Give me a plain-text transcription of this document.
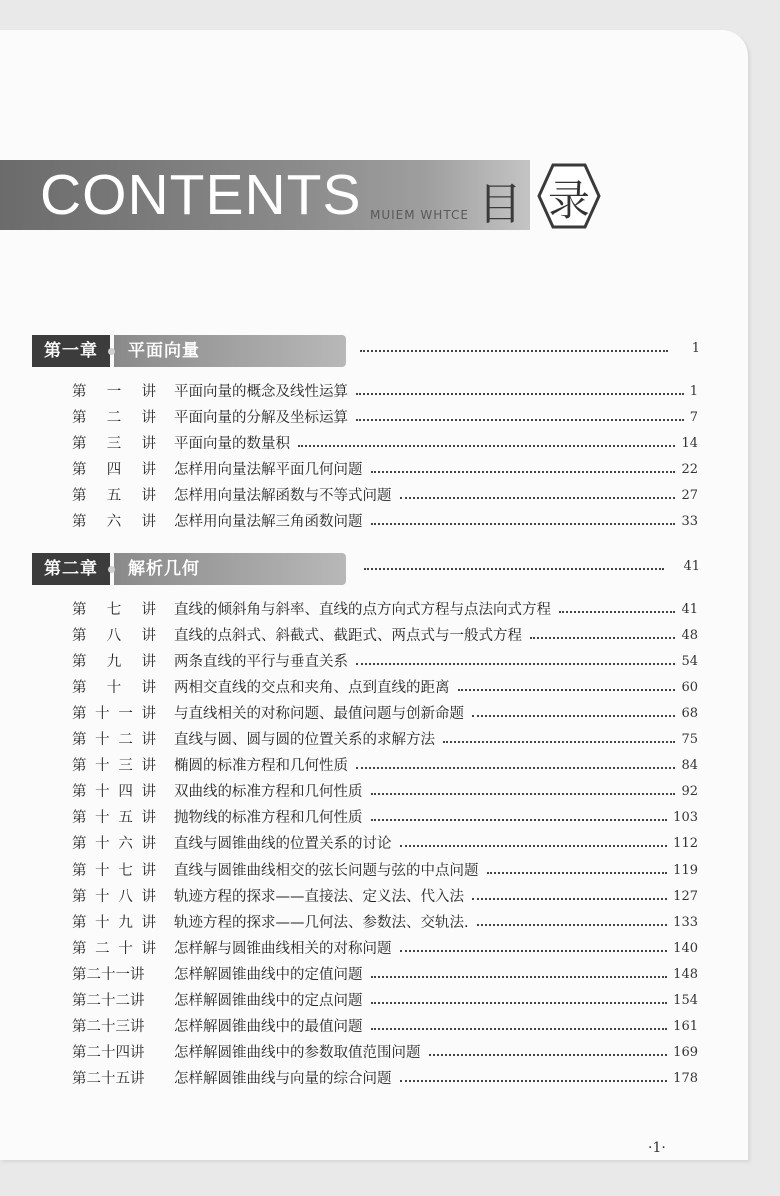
CONTENTS MUIEM WHTCE 目 录
第一章	平面向量	1
第 一 讲 平面向量的概念及线性运算	1
第 二 讲 平面向量的分解及坐标运算	7
第 三 讲 平面向量的数量积	14
第 四 讲 怎样用向量法解平面几何问题	22
第 五 讲 怎样用向量法解函数与不等式问题	27
第 六 讲 怎样用向量法解三角函数问题	33
第二章	解析几何	41
第 七 讲 直线的倾斜角与斜率、直线的点方向式方程与点法向式方程	41
第 八 讲 直线的点斜式、斜截式、截距式、两点式与一般式方程	48
第 九 讲 两条直线的平行与垂直关系	54
第 十 讲 两相交直线的交点和夹角、点到直线的距离	60
第 十 一 讲 与直线相关的对称问题、最值问题与创新命题	68
第 十 二 讲 直线与圆、圆与圆的位置关系的求解方法	75
第 十 三 讲 椭圆的标准方程和几何性质	84
第 十 四 讲 双曲线的标准方程和几何性质	92
第 十 五 讲 抛物线的标准方程和几何性质	103
第 十 六 讲 直线与圆锥曲线的位置关系的讨论	112
第 十 七 讲 直线与圆锥曲线相交的弦长问题与弦的中点问题	119
第 十 八 讲 轨迹方程的探求——直接法、定义法、代入法	127
第 十 九 讲 轨迹方程的探求——几何法、参数法、交轨法.	133
第 二 十 讲 怎样解与圆锥曲线相关的对称问题	140
第二十一讲 怎样解圆锥曲线中的定值问题	148
第二十二讲 怎样解圆锥曲线中的定点问题	154
第二十三讲 怎样解圆锥曲线中的最值问题	161
第二十四讲 怎样解圆锥曲线中的参数取值范围问题	169
第二十五讲 怎样解圆锥曲线与向量的综合问题	178
·1·
